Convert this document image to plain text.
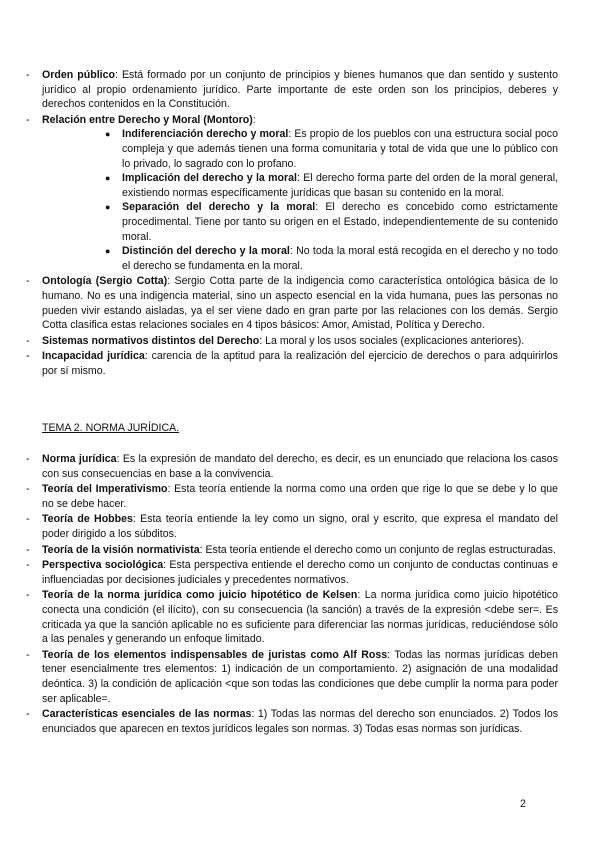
- Orden público: Está formado por un conjunto de principios y bienes humanos que dan sentido y sustento jurídico al propio ordenamiento jurídico. Parte importante de este orden son los principios, deberes y derechos contenidos en la Constitución.
- Relación entre Derecho y Moral (Montoro):
● Indiferenciación derecho y moral: Es propio de los pueblos con una estructura social poco compleja y que además tienen una forma comunitaria y total de vida que une lo público con lo privado, lo sagrado con lo profano.
● Implicación del derecho y la moral: El derecho forma parte del orden de la moral general, existiendo normas específicamente jurídicas que basan su contenido en la moral.
● Separación del derecho y la moral: El derecho es concebido como estrictamente procedimental. Tiene por tanto su origen en el Estado, independientemente de su contenido moral.
● Distinción del derecho y la moral: No toda la moral está recogida en el derecho y no todo el derecho se fundamenta en la moral.
- Ontología (Sergio Cotta): Sergio Cotta parte de la indigencia como característica ontológica básica de lo humano. No es una indigencia material, sino un aspecto esencial en la vida humana, pues las personas no pueden vivir estando aisladas, ya el ser viene dado en gran parte por las relaciones con los demás. Sergio Cotta clasifica estas relaciones sociales en 4 tipos básicos: Amor, Amistad, Política y Derecho.
- Sistemas normativos distintos del Derecho: La moral y los usos sociales (explicaciones anteriores).
- Incapacidad jurídica: carencia de la aptitud para la realización del ejercicio de derechos o para adquirirlos por sí mismo.
TEMA 2. NORMA JURÍDICA.
- Norma jurídica: Es la expresión de mandato del derecho, es decir, es un enunciado que relaciona los casos con sus consecuencias en base a la convivencia.
- Teoría del Imperativismo: Esta teoría entiende la norma como una orden que rige lo que se debe y lo que no se debe hacer.
- Teoría de Hobbes: Esta teoría entiende la ley como un signo, oral y escrito, que expresa el mandato del poder dirigido a los súbditos.
- Teoría de la visión normativista: Esta teoría entiende el derecho como un conjunto de reglas estructuradas.
- Perspectiva sociológica: Esta perspectiva entiende el derecho como un conjunto de conductas continuas e influenciadas por decisiones judiciales y precedentes normativos.
- Teoría de la norma jurídica como juicio hipotético de Kelsen: La norma jurídica como juicio hipotético conecta una condición (el ilícito), con su consecuencia (la sanción) a través de la expresión <debe ser=. Es criticada ya que la sanción aplicable no es suficiente para diferenciar las normas jurídicas, reduciéndose sólo a las penales y generando un enfoque limitado.
- Teoría de los elementos indispensables de juristas como Alf Ross: Todas las normas jurídicas deben tener esencialmente tres elementos: 1) indicación de un comportamiento. 2) asignación de una modalidad deóntica. 3) la condición de aplicación <que son todas las condiciones que debe cumplir la norma para poder ser aplicable=.
- Características esenciales de las normas: 1) Todas las normas del derecho son enunciados. 2) Todos los enunciados que aparecen en textos jurídicos legales son normas. 3) Todas esas normas son jurídicas.
2
